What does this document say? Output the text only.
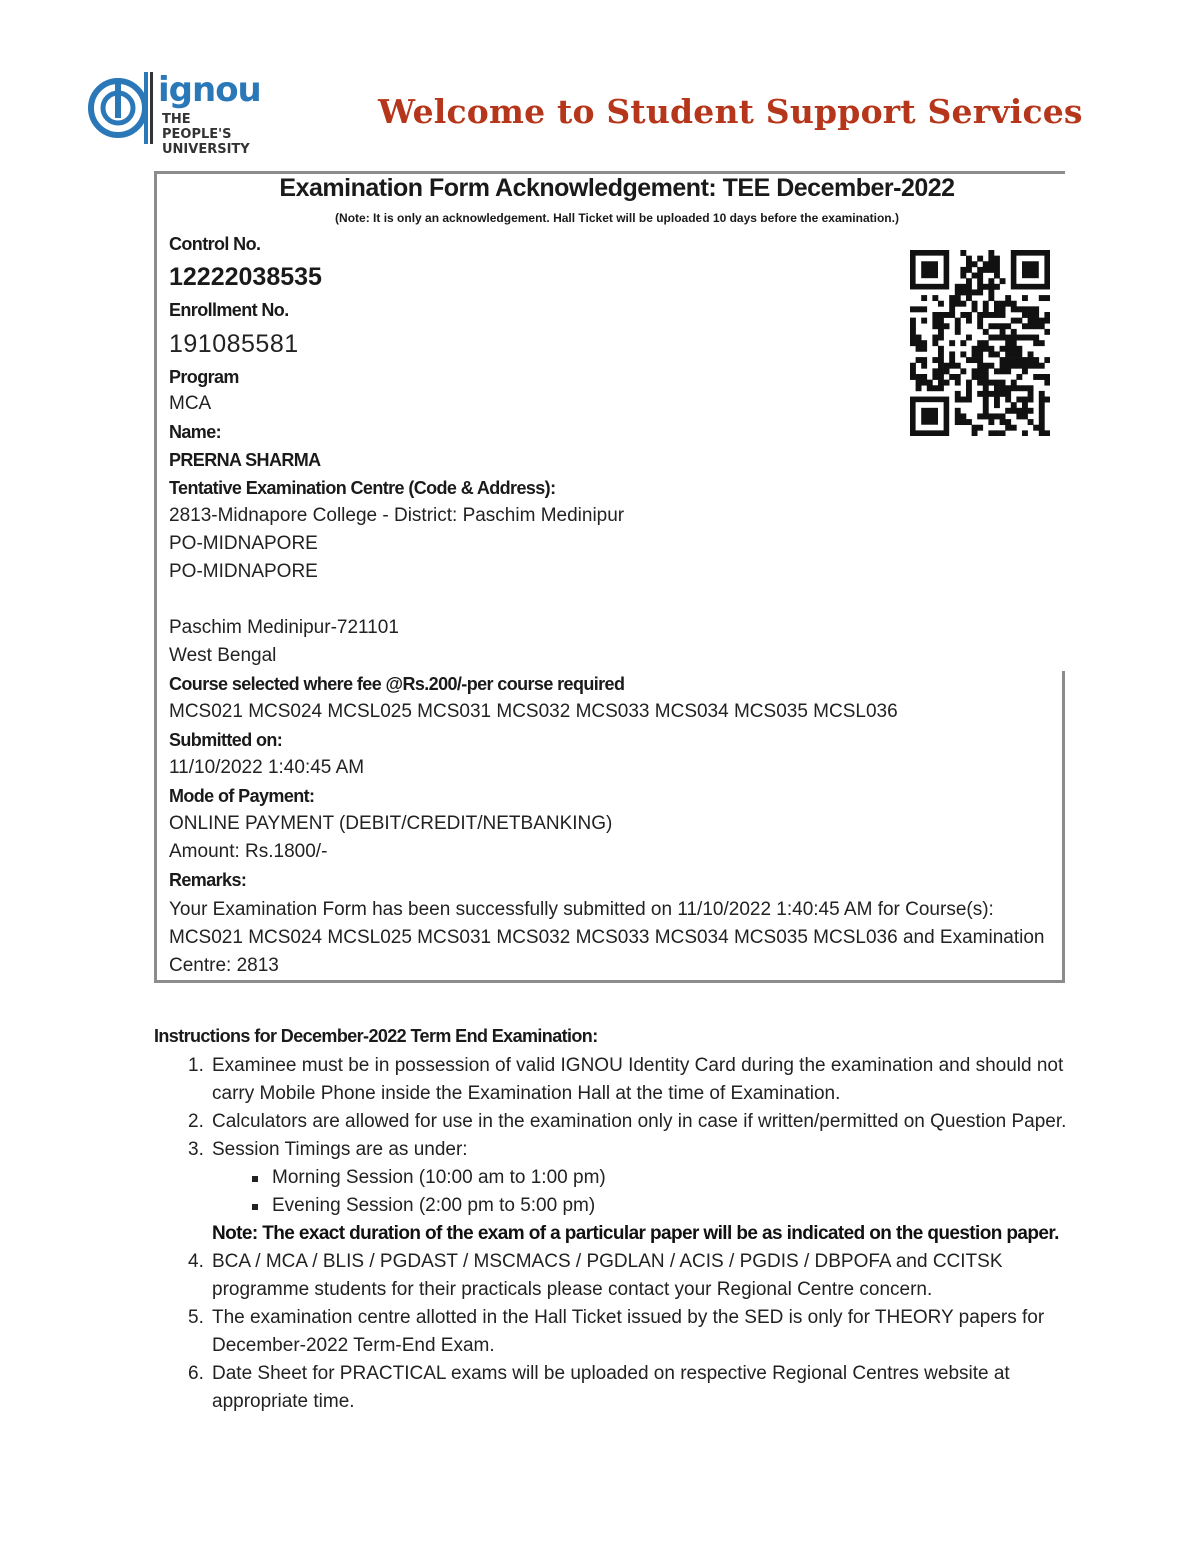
ignou
THE PEOPLE'S
UNIVERSITY
Welcome to Student Support Services
Examination Form Acknowledgement: TEE December-2022
(Note: It is only an acknowledgement. Hall Ticket will be uploaded 10 days before the examination.)
Control No.
12222038535
Enrollment No.
191085581
Program
MCA
Name:
PRERNA SHARMA
Tentative Examination Centre (Code & Address):
2813-Midnapore College - District: Paschim Medinipur
PO-MIDNAPORE
PO-MIDNAPORE
Paschim Medinipur-721101
West Bengal
Course selected where fee @Rs.200/-per course required
MCS021 MCS024 MCSL025 MCS031 MCS032 MCS033 MCS034 MCS035 MCSL036
Submitted on:
11/10/2022 1:40:45 AM
Mode of Payment:
ONLINE PAYMENT (DEBIT/CREDIT/NETBANKING)
Amount: Rs.1800/-
Remarks:
Your Examination Form has been successfully submitted on 11/10/2022 1:40:45 AM for Course(s): MCS021 MCS024 MCSL025 MCS031 MCS032 MCS033 MCS034 MCS035 MCSL036 and Examination Centre: 2813
Instructions for December-2022 Term End Examination:
1. Examinee must be in possession of valid IGNOU Identity Card during the examination and should not carry Mobile Phone inside the Examination Hall at the time of Examination.
2. Calculators are allowed for use in the examination only in case if written/permitted on Question Paper.
3. Session Timings are as under:
Morning Session (10:00 am to 1:00 pm)
Evening Session (2:00 pm to 5:00 pm)
Note: The exact duration of the exam of a particular paper will be as indicated on the question paper.
4. BCA / MCA / BLIS / PGDAST / MSCMACS / PGDLAN / ACIS / PGDIS / DBPOFA and CCITSK programme students for their practicals please contact your Regional Centre concern.
5. The examination centre allotted in the Hall Ticket issued by the SED is only for THEORY papers for December-2022 Term-End Exam.
6. Date Sheet for PRACTICAL exams will be uploaded on respective Regional Centres website at appropriate time.
